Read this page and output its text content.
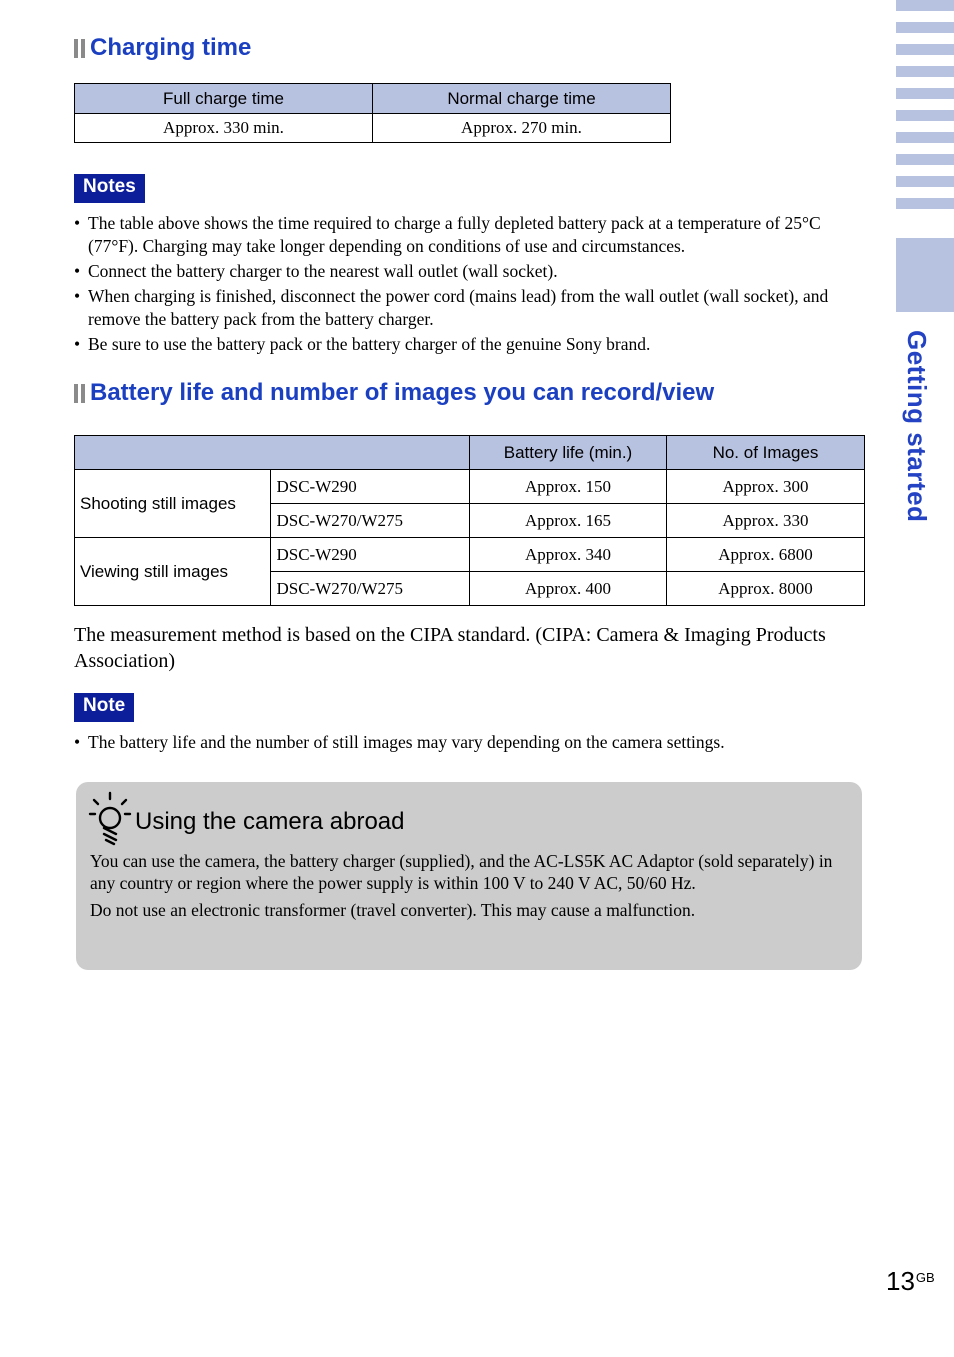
Getting started
Charging time
Full charge time	Normal charge time
Approx. 330 min.	Approx. 270 min.
Notes
• The table above shows the time required to charge a fully depleted battery pack at a temperature of 25°C (77°F). Charging may take longer depending on conditions of use and circumstances.
• Connect the battery charger to the nearest wall outlet (wall socket).
• When charging is finished, disconnect the power cord (mains lead) from the wall outlet (wall socket), and remove the battery pack from the battery charger.
• Be sure to use the battery pack or the battery charger of the genuine Sony brand.
Battery life and number of images you can record/view
		Battery life (min.)	No. of Images
Shooting still images	DSC-W290	Approx. 150	Approx. 300
	DSC-W270/W275	Approx. 165	Approx. 330
Viewing still images	DSC-W290	Approx. 340	Approx. 6800
	DSC-W270/W275	Approx. 400	Approx. 8000

The measurement method is based on the CIPA standard. (CIPA: Camera & Imaging Products Association)

Note
• The battery life and the number of still images may vary depending on the camera settings.
Using the camera abroad

You can use the camera, the battery charger (supplied), and the AC-LS5K AC Adaptor (sold separately) in any country or region where the power supply is within 100 V to 240 V AC, 50/60 Hz.

Do not use an electronic transformer (travel converter). This may cause a malfunction.

$13^{GB}$
